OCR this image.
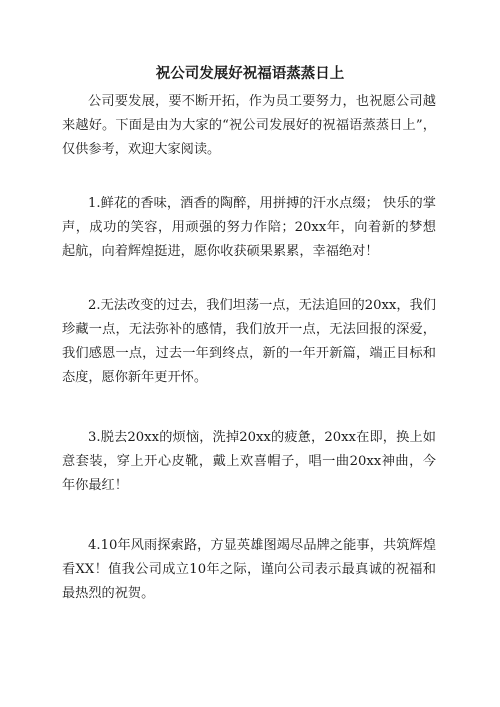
祝公司发展好祝福语蒸蒸日上

公司要发展，要不断开拓，作为员工要努力，也祝愿公司越来越好。下面是由为大家的“祝公司发展好的祝福语蒸蒸日上”，仅供参考，欢迎大家阅读。

1.鲜花的香味，酒香的陶醉，用拼搏的汗水点缀； 快乐的掌声，成功的笑容，用顽强的努力作陪；20xx年，向着新的梦想起航，向着辉煌挺进，愿你收获硕果累累，幸福绝对！

2.无法改变的过去，我们坦荡一点，无法追回的20xx，我们珍藏一点，无法弥补的感情，我们放开一点，无法回报的深爱，我们感恩一点，过去一年到终点，新的一年开新篇，端正目标和态度，愿你新年更开怀。

3.脱去20xx的烦恼，洗掉20xx的疲惫，20xx在即，换上如意套装，穿上开心皮靴，戴上欢喜帽子，唱一曲20xx神曲，今年你最红！

4.10年风雨探索路，方显英雄图竭尽品牌之能事，共筑辉煌看XX！值我公司成立10年之际，谨向公司表示最真诚的祝福和最热烈的祝贺。
